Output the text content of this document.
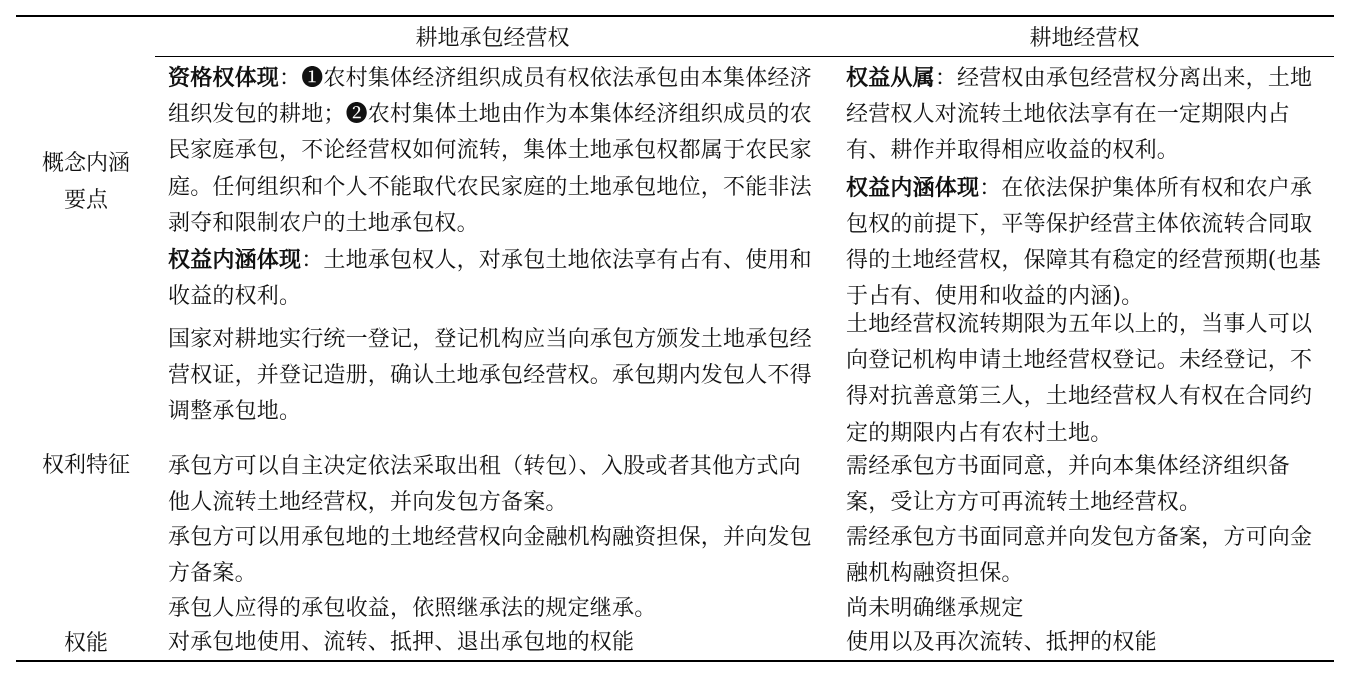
耕地承包经营权	耕地经营权
概念内涵
要点
权利特征
权能
资格权体现：❶农村集体经济组织成员有权依法承包由本集体经济组织发包的耕地；❷农村集体土地由作为本集体经济组织成员的农民家庭承包，不论经营权如何流转，集体土地承包权都属于农民家庭。任何组织和个人不能取代农民家庭的土地承包地位，不能非法剥夺和限制农户的土地承包权。
权益内涵体现：土地承包权人，对承包土地依法享有占有、使用和收益的权利。
国家对耕地实行统一登记，登记机构应当向承包方颁发土地承包经营权证，并登记造册，确认土地承包经营权。承包期内发包人不得调整承包地。
承包方可以自主决定依法采取出租（转包）、入股或者其他方式向他人流转土地经营权，并向发包方备案。
承包方可以用承包地的土地经营权向金融机构融资担保，并向发包方备案。
承包人应得的承包收益，依照继承法的规定继承。
对承包地使用、流转、抵押、退出承包地的权能
权益从属：经营权由承包经营权分离出来，土地经营权人对流转土地依法享有在一定期限内占有、耕作并取得相应收益的权利。
权益内涵体现：在依法保护集体所有权和农户承包权的前提下，平等保护经营主体依流转合同取得的土地经营权，保障其有稳定的经营预期(也基于占有、使用和收益的内涵)。
土地经营权流转期限为五年以上的，当事人可以向登记机构申请土地经营权登记。未经登记，不得对抗善意第三人，土地经营权人有权在合同约定的期限内占有农村土地。
需经承包方书面同意，并向本集体经济组织备案，受让方方可再流转土地经营权。
需经承包方书面同意并向发包方备案，方可向金融机构融资担保。
尚未明确继承规定
使用以及再次流转、抵押的权能
